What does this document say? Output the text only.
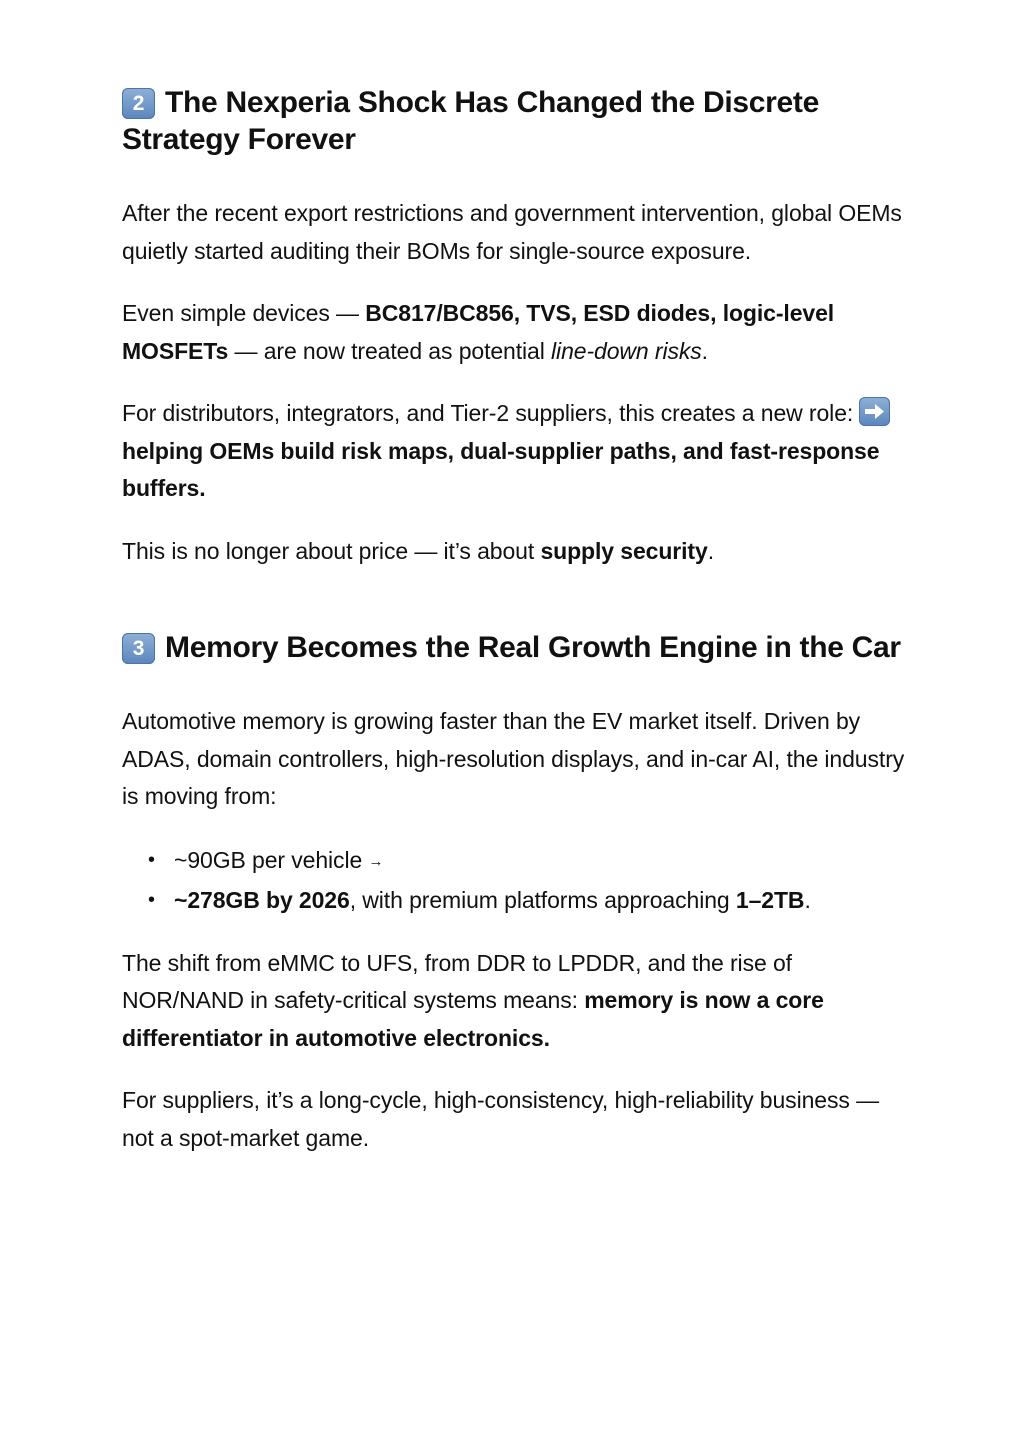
2 The Nexperia Shock Has Changed the Discrete Strategy Forever

After the recent export restrictions and government intervention, global OEMs quietly started auditing their BOMs for single-source exposure.

Even simple devices — BC817/BC856, TVS, ESD diodes, logic-level MOSFETs — are now treated as potential line-down risks.

For distributors, integrators, and Tier-2 suppliers, this creates a new role:
helping OEMs build risk maps, dual-supplier paths, and fast-response buffers.

This is no longer about price — it’s about supply security.

3 Memory Becomes the Real Growth Engine in the Car

Automotive memory is growing faster than the EV market itself. Driven by ADAS, domain controllers, high-resolution displays, and in-car AI, the industry is moving from:

• ~90GB per vehicle →
• ~278GB by 2026, with premium platforms approaching 1–2TB.

The shift from eMMC to UFS, from DDR to LPDDR, and the rise of NOR/NAND in safety-critical systems means: memory is now a core differentiator in automotive electronics.

For suppliers, it’s a long-cycle, high-consistency, high-reliability business — not a spot-market game.
